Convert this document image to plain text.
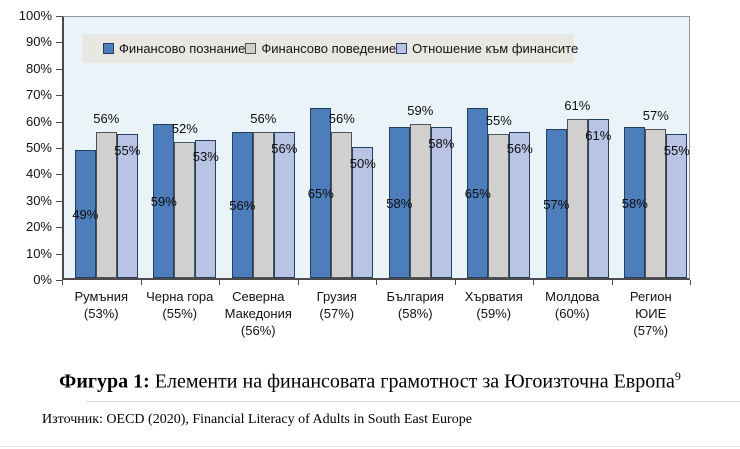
0%
10%
20%
30%
40%
50%
60%
70%
80%
90%
100%
Финансово познание Финансово поведение Отношение към финансите
49%
56%
55%
59%
52%
53%
56%
56%
56%
65%
56%
50%
58%
59%
58%
65%
55%
56%
57%
61%
61%
58%
57%
55%
Румъния
(53%)
Черна гора
(55%)
Северна
Македония
(56%)
Грузия
(57%)
България
(58%)
Хърватия
(59%)
Молдова
(60%)
Регион
ЮИЕ
(57%)
Фигура 1: Елементи на финансовата грамотност за Югоизточна Европа$^9$
Източник: OECD (2020), Financial Literacy of Adults in South East Europe
